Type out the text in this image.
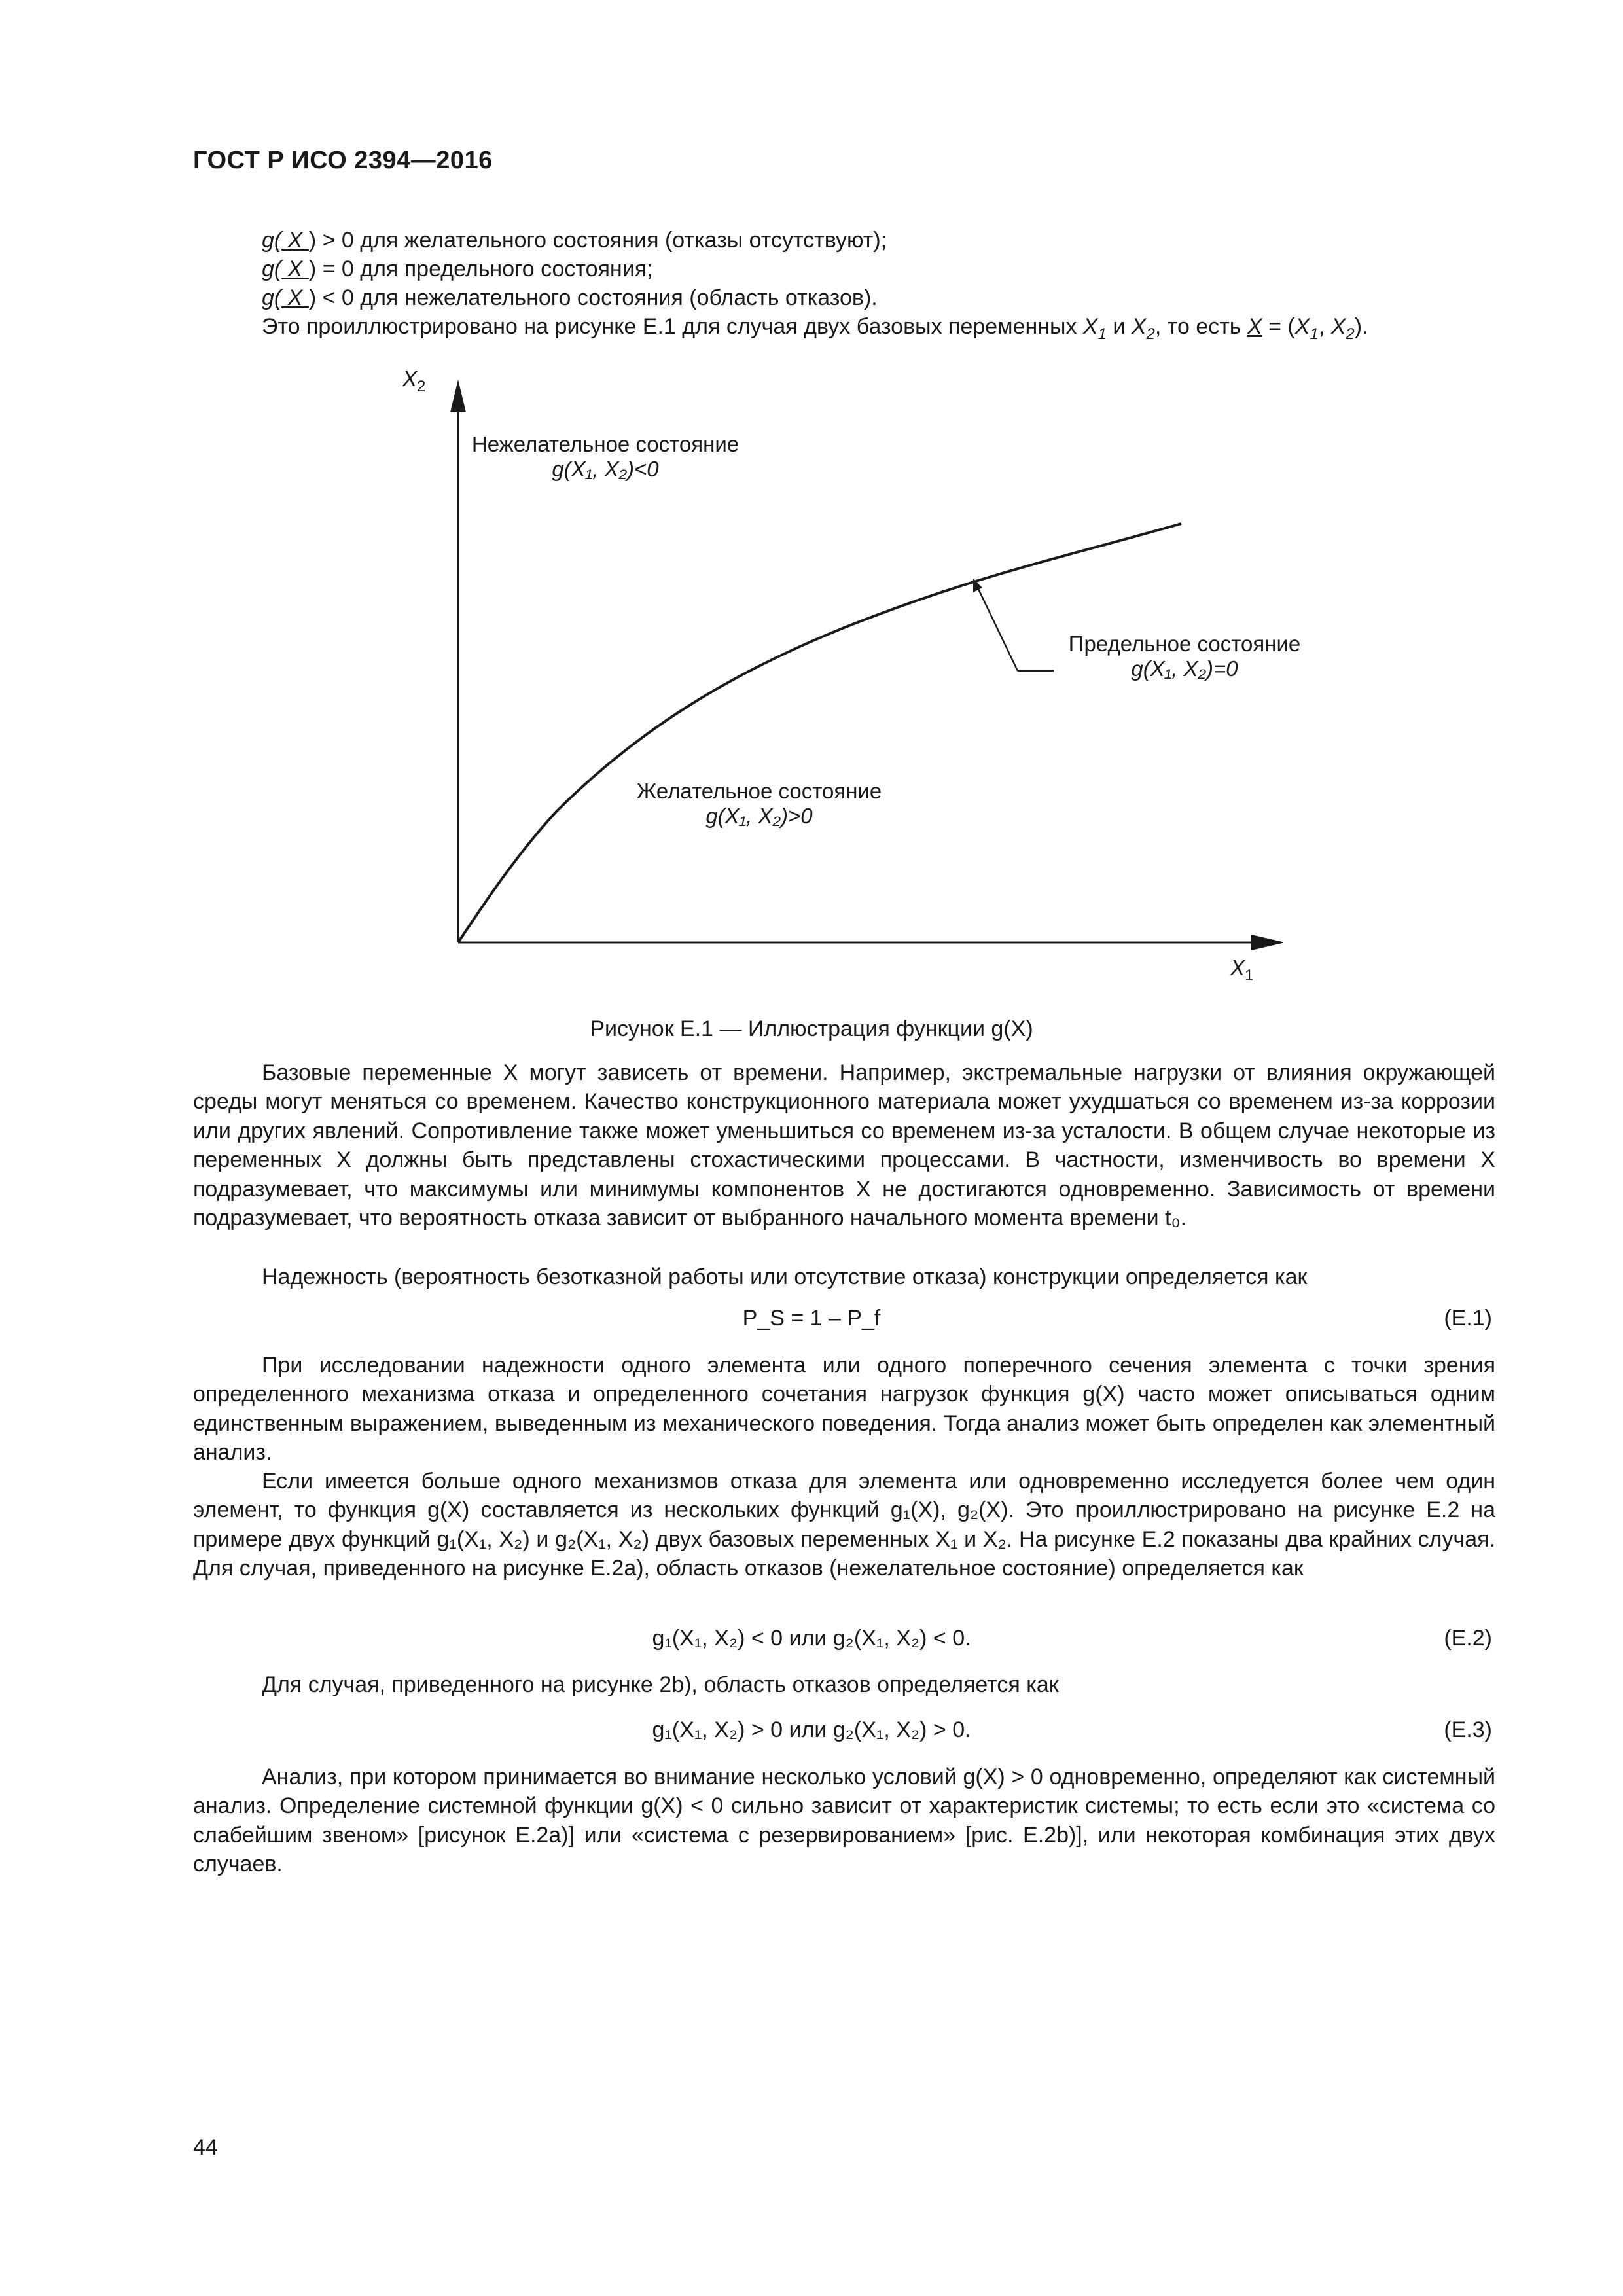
ГОСТ Р ИСО 2394—2016
g( X ) > 0 для желательного состояния (отказы отсутствуют);
g( X ) = 0 для предельного состояния;
g( X ) < 0 для нежелательного состояния (область отказов).
Это проиллюстрировано на рисунке Е.1 для случая двух базовых переменных $X_1$ и $X_2$, то есть $X = (X_1$, $X_2$).
$X_2$
$X_1$
Нежелательное состояние
g(X₁, X₂)<0
Предельное состояние
g(X₁, X₂)=0
Желательное состояние
g(X₁, X₂)>0
Рисунок Е.1 — Иллюстрация функции g(X)
Базовые переменные X могут зависеть от времени. Например, экстремальные нагрузки от влияния окружающей среды могут меняться со временем. Качество конструкционного материала может ухудшаться со временем из-за коррозии или других явлений. Сопротивление также может уменьшиться со временем из-за усталости. В общем случае некоторые из переменных X должны быть представлены стохастическими процессами. В частности, изменчивость во времени X подразумевает, что максимумы или минимумы компонентов X не достигаются одновременно. Зависимость от времени подразумевает, что вероятность отказа зависит от выбранного начального момента времени t₀.
Надежность (вероятность безотказной работы или отсутствие отказа) конструкции определяется как
P_S = 1 – P_f	(Е.1)
При исследовании надежности одного элемента или одного поперечного сечения элемента с точки зрения определенного механизма отказа и определенного сочетания нагрузок функция g(X) часто может описываться одним единственным выражением, выведенным из механического поведения. Тогда анализ может быть определен как элементный анализ.
Если имеется больше одного механизмов отказа для элемента или одновременно исследуется более чем один элемент, то функция g(X) составляется из нескольких функций g₁(X), g₂(X). Это проиллюстрировано на рисунке Е.2 на примере двух функций g₁(X₁, X₂) и g₂(X₁, X₂) двух базовых переменных X₁ и X₂. На рисунке Е.2 показаны два крайних случая. Для случая, приведенного на рисунке Е.2а), область отказов (нежелательное состояние) определяется как
g₁(X₁, X₂) < 0 или g₂(X₁, X₂) < 0.	(Е.2)
Для случая, приведенного на рисунке 2b), область отказов определяется как
g₁(X₁, X₂) > 0 или g₂(X₁, X₂) > 0.	(Е.3)
Анализ, при котором принимается во внимание несколько условий g(X) > 0 одновременно, определяют как системный анализ. Определение системной функции g(X) < 0 сильно зависит от характеристик системы; то есть если это «система со слабейшим звеном» [рисунок Е.2а)] или «система с резервированием» [рис. Е.2b)], или некоторая комбинация этих двух случаев.
44
